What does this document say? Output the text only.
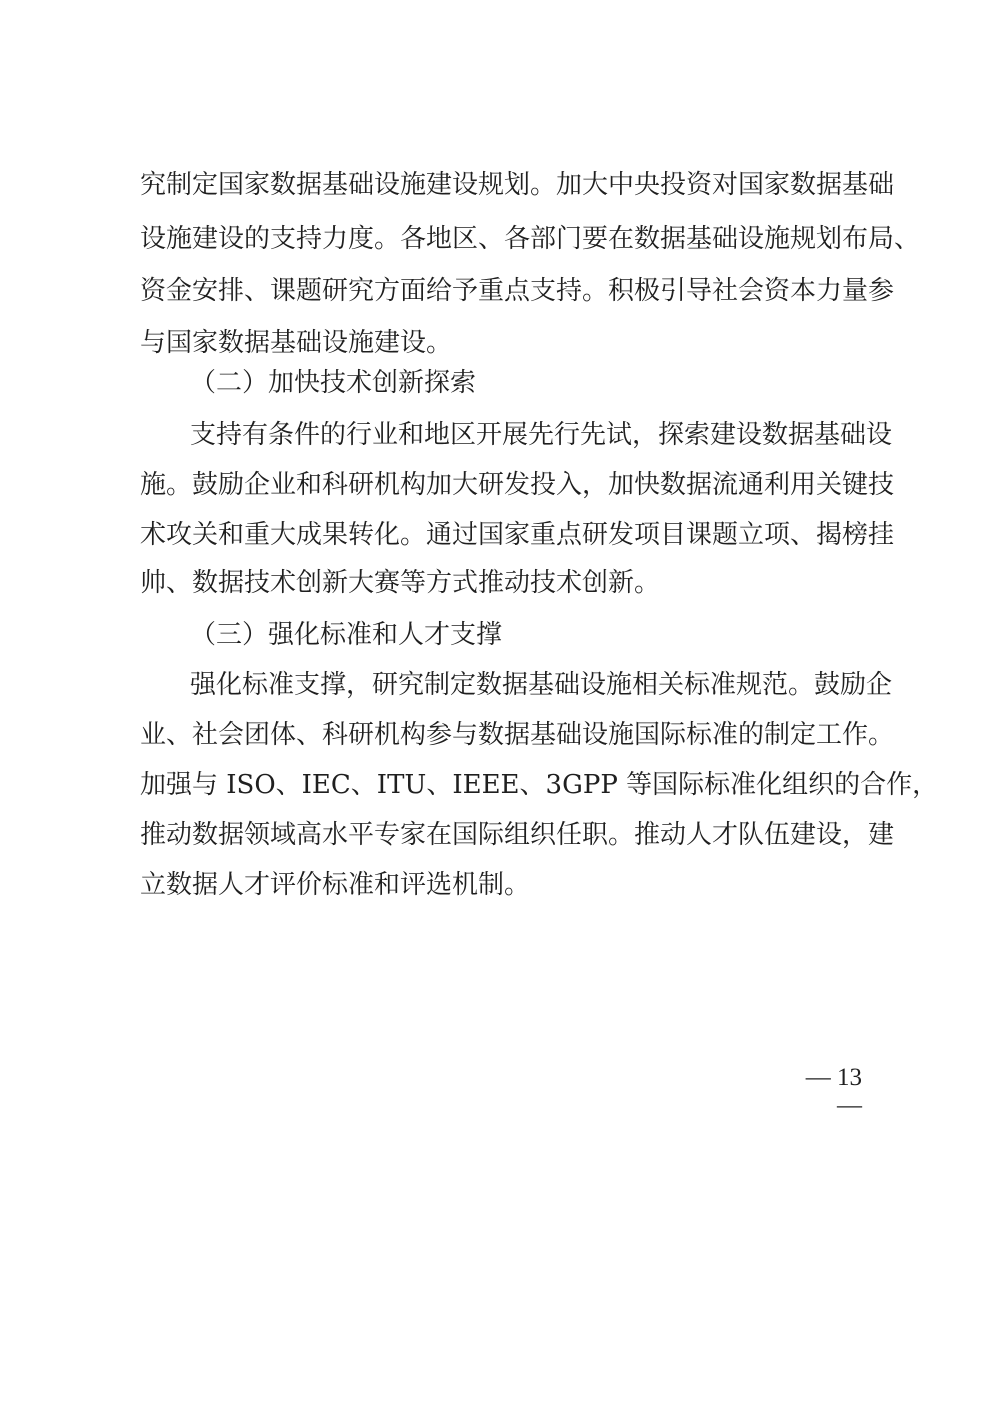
究制定国家数据基础设施建设规划。加大中央投资对国家数据基础
设施建设的支持力度。各地区、各部门要在数据基础设施规划布局、
资金安排、课题研究方面给予重点支持。积极引导社会资本力量参
与国家数据基础设施建设。
（二）加快技术创新探索
支持有条件的行业和地区开展先行先试，探索建设数据基础设
施。鼓励企业和科研机构加大研发投入，加快数据流通利用关键技
术攻关和重大成果转化。通过国家重点研发项目课题立项、揭榜挂
帅、数据技术创新大赛等方式推动技术创新。
（三）强化标准和人才支撑
强化标准支撑，研究制定数据基础设施相关标准规范。鼓励企
业、社会团体、科研机构参与数据基础设施国际标准的制定工作。
加强与 ISO、IEC、ITU、IEEE、3GPP 等国际标准化组织的合作，
推动数据领域高水平专家在国际组织任职。推动人才队伍建设，建
立数据人才评价标准和评选机制。
— 13 —
